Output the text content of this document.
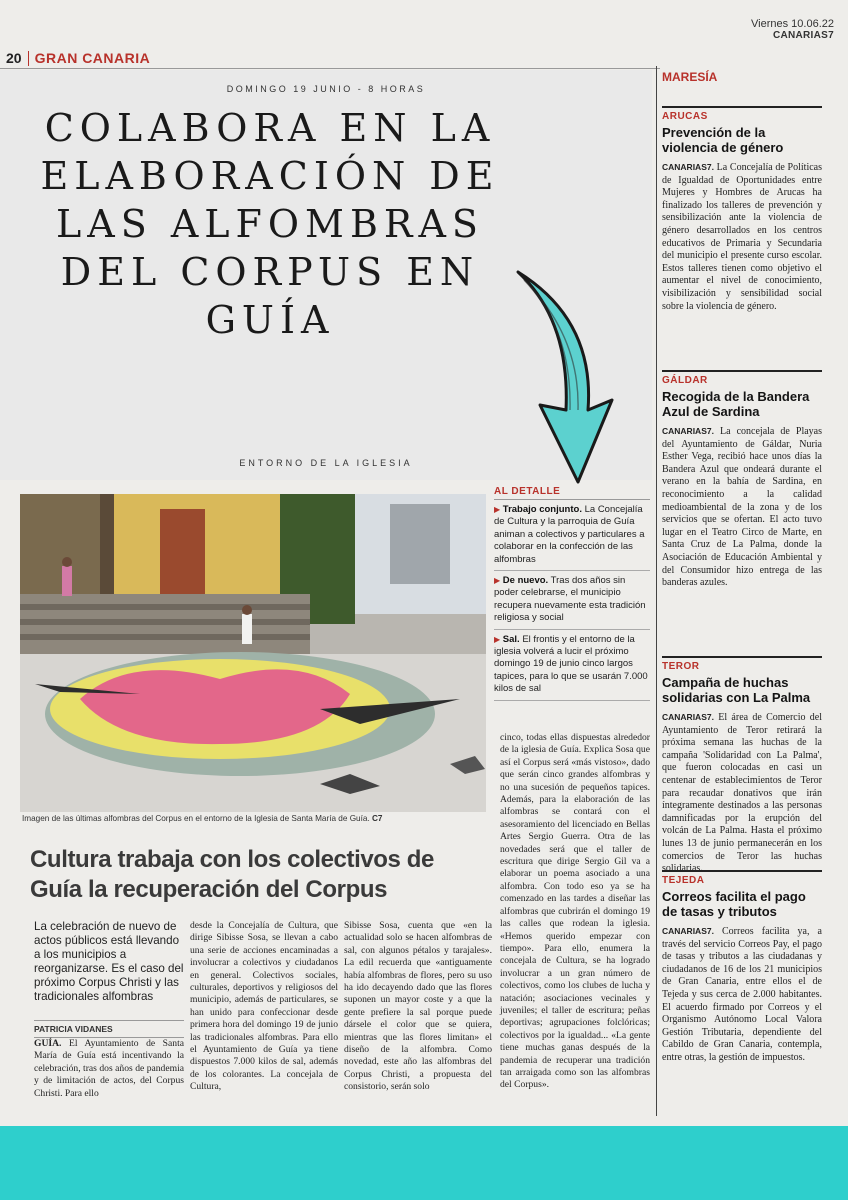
Viernes 10.06.22
CANARIAS7
20 GRAN CANARIA
Imagen de las últimas alfombras del Corpus en el entorno de la Iglesia de Santa María de Guía. C7
AL DETALLE
▶ Trabajo conjunto. La Concejalía de Cultura y la parroquia de Guía animan a colectivos y particulares a colaborar en la confección de las alfombras
▶ De nuevo. Tras dos años sin poder celebrarse, el municipio recupera nuevamente esta tradición religiosa y social
▶ Sal. El frontis y el entorno de la iglesia volverá a lucir el próximo domingo 19 de junio cinco largos tapices, para lo que se usarán 7.000 kilos de sal
Cultura trabaja con los colectivos de Guía la recuperación del Corpus
La celebración de nuevo de actos públicos está llevando a los municipios a reorganizarse. Es el caso del próximo Corpus Christi y las tradicionales alfombras
PATRICIA VIDANES
GUÍA. El Ayuntamiento de Santa María de Guía está incentivando la celebración, tras dos años de pandemia y de limitación de actos, del Corpus Christi. Para ello
desde la Concejalía de Cultura, que dirige Sibisse Sosa, se llevan a cabo una serie de acciones encaminadas a involucrar a colectivos y ciudadanos en general. Colectivos sociales, culturales, deportivos y religiosos del municipio, además de particulares, se han unido para confeccionar desde primera hora del domingo 19 de junio las tradicionales alfombras. Para ello el Ayuntamiento de Guía ya tiene dispuestos 7.000 kilos de sal, además de los colorantes. La concejala de Cultura,
Sibisse Sosa, cuenta que «en la actualidad solo se hacen alfombras de sal, con algunos pétalos y tarajales». La edil recuerda que «antiguamente había alfombras de flores, pero su uso ha ido decayendo dado que las flores suponen un mayor coste y a que la gente prefiere la sal porque puede dársele el color que se quiera, mientras que las flores limitan» el diseño de la alfombra. Como novedad, este año las alfombras del Corpus Christi, a propuesta del consistorio, serán solo
cinco, todas ellas dispuestas alrededor de la iglesia de Guía. Explica Sosa que así el Corpus será «más vistoso», dado que serán cinco grandes alfombras y no una sucesión de pequeños tapices. Además, para la elaboración de las alfombras se contará con el asesoramiento del licenciado en Bellas Artes Sergio Guerra. Otra de las novedades será que el taller de escritura que dirige Sergio Gil va a elaborar un poema asociado a una alfombra. Con todo eso ya se ha comenzado en las tardes a diseñar las alfombras que cubrirán el domingo 19 las calles que rodean la iglesia. «Hemos querido empezar con tiempo». Para ello, enumera la concejala de Cultura, se ha logrado involucrar a un gran número de colectivos, como los clubes de lucha y natación; asociaciones vecinales y juveniles; el taller de escritura; peñas deportivas; agrupaciones folclóricas; colectivos por la igualdad... «La gente tiene muchas ganas después de la pandemia de recuperar una tradición tan arraigada como son las alfombras del Corpus».
MARESÍA
ARUCAS
Prevención de la violencia de género
CANARIAS7. La Concejalía de Políticas de Igualdad de Oportunidades entre Mujeres y Hombres de Arucas ha finalizado los talleres de prevención y sensibilización ante la violencia de género desarrollados en los centros educativos de Primaria y Secundaria del municipio el presente curso escolar. Estos talleres tienen como objetivo el aumentar el nivel de conocimiento, visibilización y sensibilidad social sobre la violencia de género.
GÁLDAR
Recogida de la Bandera Azul de Sardina
CANARIAS7. La concejala de Playas del Ayuntamiento de Gáldar, Nuria Esther Vega, recibió hace unos días la Bandera Azul que ondeará durante el verano en la bahía de Sardina, en reconocimiento a la calidad medioambiental de la zona y de los servicios que se ofertan. El acto tuvo lugar en el Teatro Circo de Marte, en Santa Cruz de La Palma, donde la Asociación de Educación Ambiental y del Consumidor hizo entrega de las banderas azules.
TEROR
Campaña de huchas solidarias con La Palma
CANARIAS7. El área de Comercio del Ayuntamiento de Teror retirará la próxima semana las huchas de la campaña 'Solidaridad con La Palma', que fueron colocadas en casi un centenar de establecimientos de Teror para recaudar donativos que irán íntegramente destinados a las personas damnificadas por la erupción del volcán de La Palma. Hasta el próximo lunes 13 de junio permanecerán en los comercios de Teror las huchas solidarias.
TEJEDA
Correos facilita el pago de tasas y tributos
CANARIAS7. Correos facilita ya, a través del servicio Correos Pay, el pago de tasas y tributos a las ciudadanas y ciudadanos de 16 de los 21 municipios de Gran Canaria, entre ellos el de Tejeda y sus cerca de 2.000 habitantes. El acuerdo firmado por Correos y el Organismo Autónomo Local Valora Gestión Tributaria, dependiente del Cabildo de Gran Canaria, contempla, entre otras, la gestión de impuestos.
DOMINGO 19 JUNIO - 8 HORAS
COLABORA EN LA ELABORACIÓN DE LAS ALFOMBRAS DEL CORPUS EN GUÍA
ENTORNO DE LA IGLESIA
